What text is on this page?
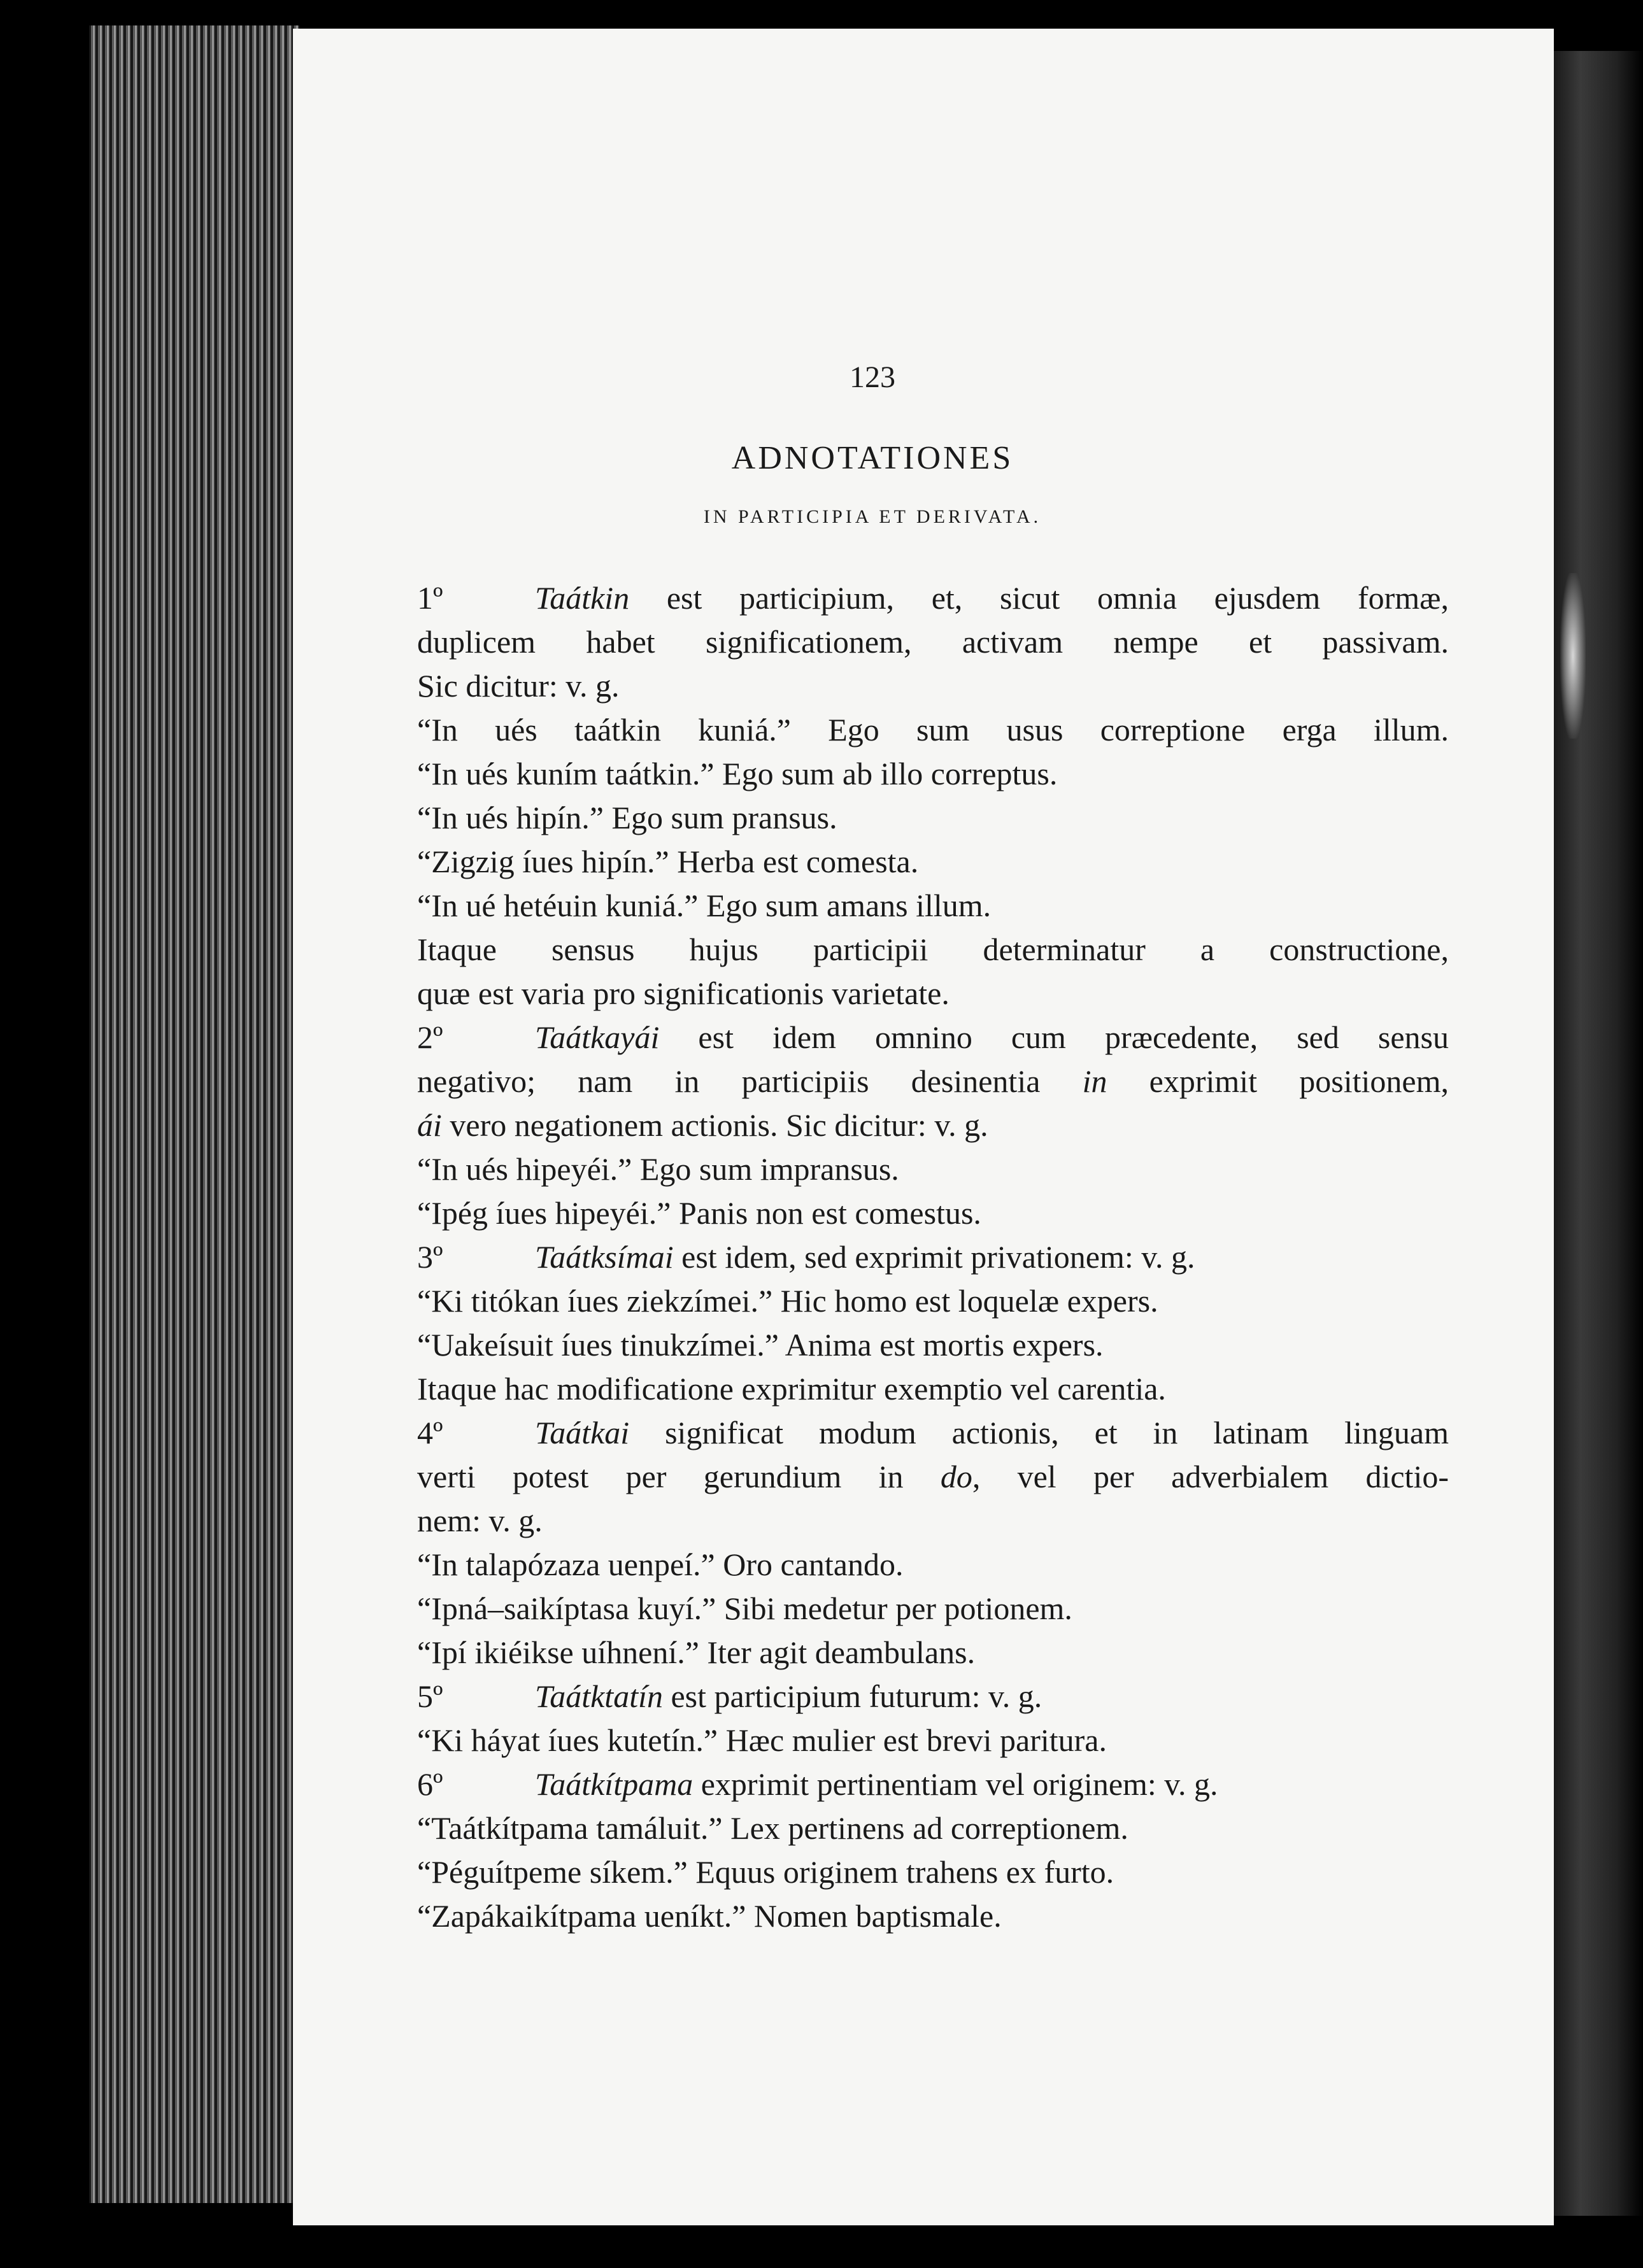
123
ADNOTATIONES
IN PARTICIPIA ET DERIVATA.
1º	Taátkin est participium, et, sicut omnia ejusdem formæ,
duplicem habet significationem, activam nempe et passivam.
Sic dicitur: v. g.
“In ués taátkin kuniá.” Ego sum usus correptione erga illum.
“In ués kuním taátkin.” Ego sum ab illo correptus.
“In ués hipín.” Ego sum pransus.
“Zigzig íues hipín.” Herba est comesta.
“In ué hetéuin kuniá.” Ego sum amans illum.
Itaque sensus hujus participii determinatur a constructione,
quæ est varia pro significationis varietate.
2º	Taátkayái est idem omnino cum præcedente, sed sensu
negativo; nam in participiis desinentia in exprimit positionem,
ái vero negationem actionis. Sic dicitur: v. g.
“In ués hipeyéi.” Ego sum impransus.
“Ipég íues hipeyéi.” Panis non est comestus.
3º	Taátksímai est idem, sed exprimit privationem: v. g.
“Ki titókan íues ziekzímei.” Hic homo est loquelæ expers.
“Uakeísuit íues tinukzímei.” Anima est mortis expers.
Itaque hac modificatione exprimitur exemptio vel carentia.
4º	Taátkai significat modum actionis, et in latinam linguam
verti potest per gerundium in do, vel per adverbialem dictio-
nem: v. g.
“In talapózaza uenpeí.” Oro cantando.
“Ipná–saikíptasa kuyí.” Sibi medetur per potionem.
“Ipí ikiéikse uíhnení.” Iter agit deambulans.
5º	Taátktatín est participium futurum: v. g.
“Ki háyat íues kutetín.” Hæc mulier est brevi paritura.
6º	Taátkítpama exprimit pertinentiam vel originem: v. g.
“Taátkítpama tamáluit.” Lex pertinens ad correptionem.
“Péguítpeme síkem.” Equus originem trahens ex furto.
“Zapákaikítpama ueníkt.” Nomen baptismale.
